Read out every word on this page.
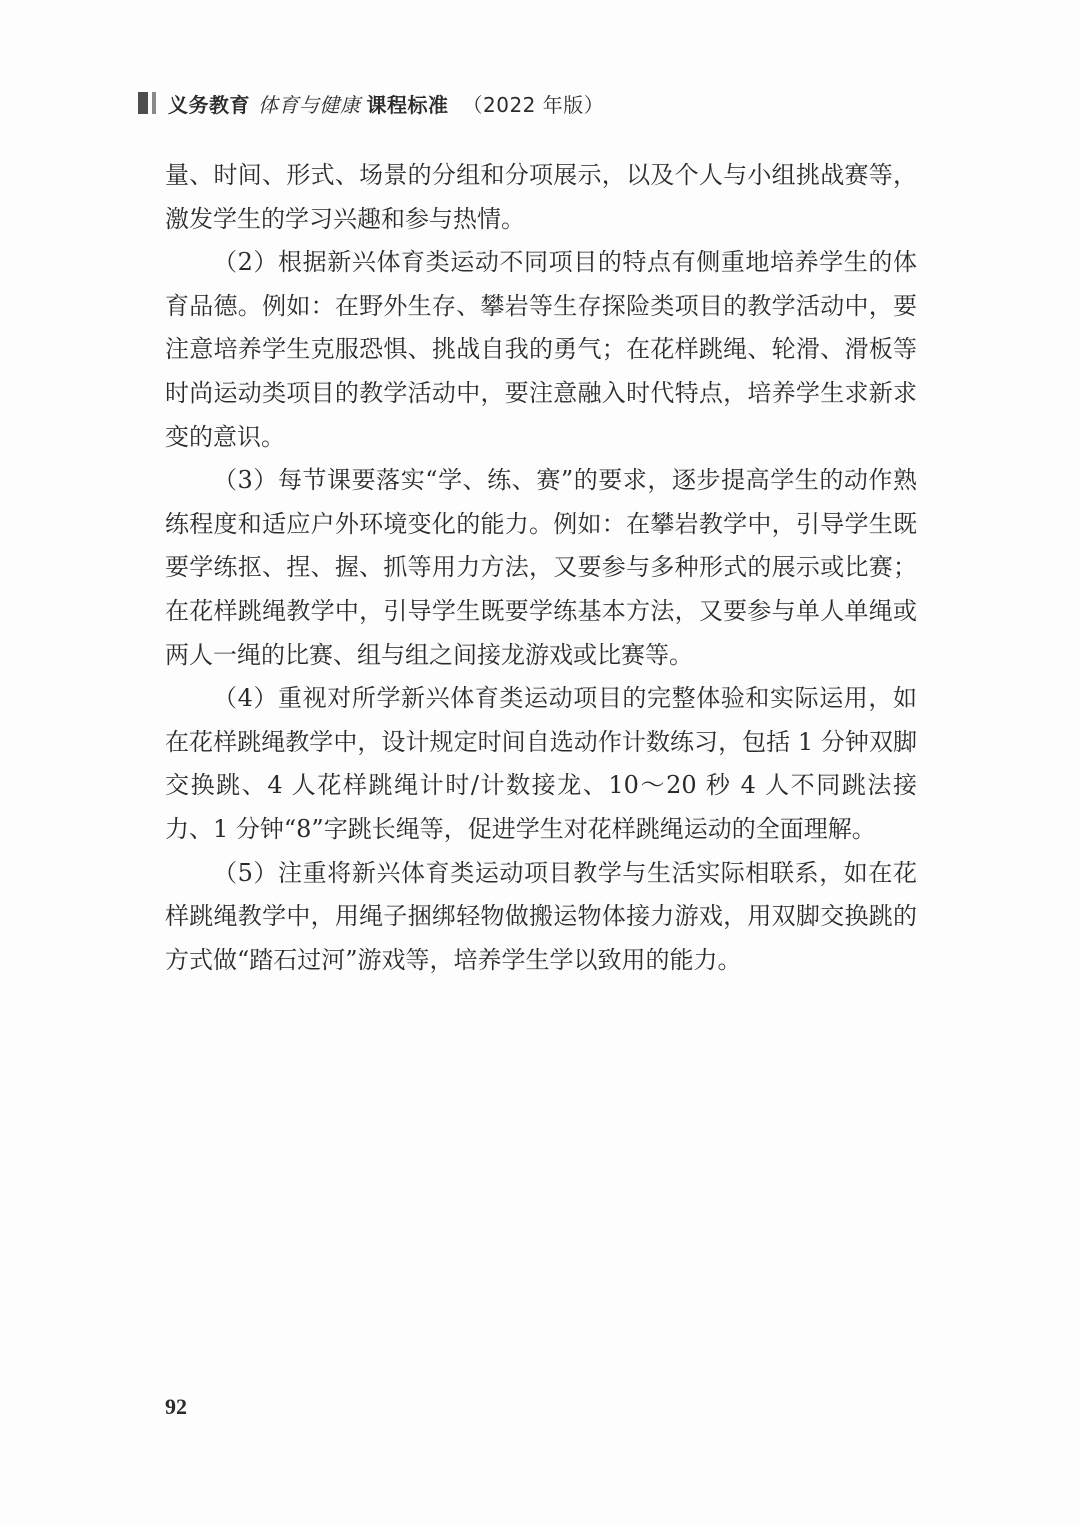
义务教育 体育与健康 课程标准 （2022 年版）

量、时间、形式、场景的分组和分项展示，以及个人与小组挑战赛等，激发学生的学习兴趣和参与热情。

（2）根据新兴体育类运动不同项目的特点有侧重地培养学生的体育品德。例如：在野外生存、攀岩等生存探险类项目的教学活动中，要注意培养学生克服恐惧、挑战自我的勇气；在花样跳绳、轮滑、滑板等时尚运动类项目的教学活动中，要注意融入时代特点，培养学生求新求变的意识。

（3）每节课要落实“学、练、赛”的要求，逐步提高学生的动作熟练程度和适应户外环境变化的能力。例如：在攀岩教学中，引导学生既要学练抠、捏、握、抓等用力方法，又要参与多种形式的展示或比赛；在花样跳绳教学中，引导学生既要学练基本方法，又要参与单人单绳或两人一绳的比赛、组与组之间接龙游戏或比赛等。

（4）重视对所学新兴体育类运动项目的完整体验和实际运用，如在花样跳绳教学中，设计规定时间自选动作计数练习，包括 1 分钟双脚交换跳、4 人花样跳绳计时/计数接龙、10～20 秒 4 人不同跳法接力、1 分钟“8”字跳长绳等，促进学生对花样跳绳运动的全面理解。

（5）注重将新兴体育类运动项目教学与生活实际相联系，如在花样跳绳教学中，用绳子捆绑轻物做搬运物体接力游戏，用双脚交换跳的方式做“踏石过河”游戏等，培养学生学以致用的能力。

92
